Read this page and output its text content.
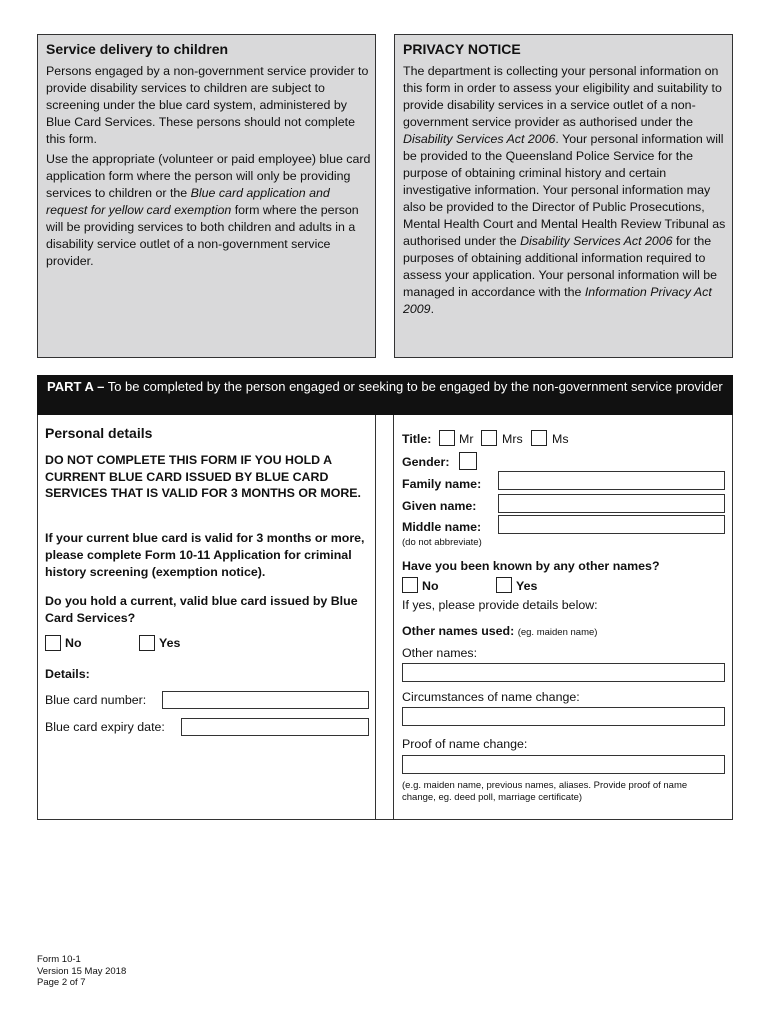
Service delivery to children
Persons engaged by a non-government service provider to provide disability services to children are subject to screening under the blue card system, administered by Blue Card Services. These persons should not complete this form.
Use the appropriate (volunteer or paid employee) blue card application form where the person will only be providing services to children or the Blue card application and request for yellow card exemption form where the person will be providing services to both children and adults in a disability service outlet of a non-government service provider.
PRIVACY NOTICE
The department is collecting your personal information on this form in order to assess your eligibility and suitability to provide disability services in a service outlet of a non-government service provider as authorised under the Disability Services Act 2006. Your personal information will be provided to the Queensland Police Service for the purpose of obtaining criminal history and certain investigative information. Your personal information may also be provided to the Director of Public Prosecutions, Mental Health Court and Mental Health Review Tribunal as authorised under the Disability Services Act 2006 for the purposes of obtaining additional information required to assess your application. Your personal information will be managed in accordance with the Information Privacy Act 2009.
PART A – To be completed by the person engaged or seeking to be engaged by the non-government service provider
Personal details
DO NOT COMPLETE THIS FORM IF YOU HOLD A CURRENT BLUE CARD ISSUED BY BLUE CARD SERVICES THAT IS VALID FOR 3 MONTHS OR MORE.
If your current blue card is valid for 3 months or more, please complete Form 10-11 Application for criminal history screening (exemption notice).
Do you hold a current, valid blue card issued by Blue Card Services?
No	Yes
Details:
Blue card number:
Blue card expiry date:
Title: Mr Mrs Ms
Gender:
Family name:
Given name:
Middle name:
(do not abbreviate)
Have you been known by any other names?
No	Yes
If yes, please provide details below:
Other names used: (eg. maiden name)
Other names:
Circumstances of name change:
Proof of name change:
(e.g. maiden name, previous names, aliases. Provide proof of name change, eg. deed poll, marriage certificate)
Form 10-1
Version 15 May 2018
Page 2 of 7
